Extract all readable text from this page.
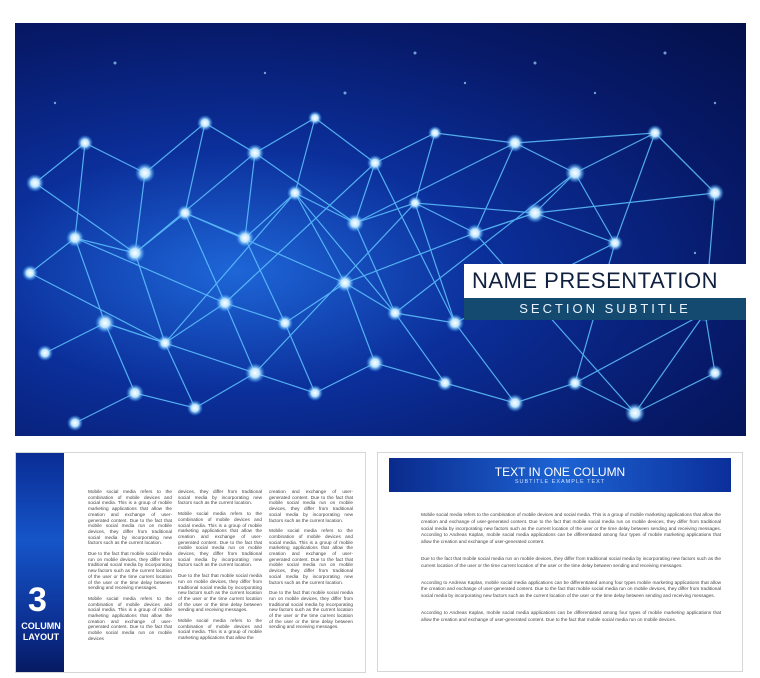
NAME PRESENTATION
SECTION SUBTITLE
3
COLUMN
LAYOUT

Mobile social media refers to the combination of mobile devices and social media. This is a group of mobile marketing applications that allow the creation and exchange of user-generated content. Due to the fact that mobile social media run on mobile devices, they differ from traditional social media by incorporating new factors such as the current location.

Due to the fact that mobile social media run on mobile devices, they differ from traditional social media by incorporating new factors such as the current location of the user or the time current location of the user or the time delay between sending and receiving messages.

Mobile social media refers to the combination of mobile devices and social media. This is a group of mobile marketing applications that allow the creation and exchange of user-generated content. Due to the fact that mobile social media run on mobile devices

devices, they differ from traditional social media by incorporating new factors such as the current location.

Mobile social media refers to the combination of mobile devices and social media. This is a group of mobile marketing applications that allow the creation and exchange of user-generated content. Due to the fact that mobile social media run on mobile devices, they differ from traditional social media by incorporating new factors such as the current location.

Due to the fact that mobile social media run on mobile devices, they differ from traditional social media by incorporating new factors such as the current location of the user or the time current location of the user or the time delay between sending and receiving messages.

Mobile social media refers to the combination of mobile devices and social media. This is a group of mobile marketing applications that allow the

creation and exchange of user-generated content. Due to the fact that mobile social media run on mobile devices, they differ from traditional social media by incorporating new factors such as the current location.

Mobile social media refers to the combination of mobile devices and social media. This is a group of mobile marketing applications that allow the creation and exchange of user-generated content. Due to the fact that mobile social media run on mobile devices, they differ from traditional social media by incorporating new factors such as the current location.

Due to the fact that mobile social media run on mobile devices, they differ from traditional social media by incorporating new factors such as the current location of the user or the time current location of the user or the time delay between sending and receiving messages.

TEXT IN ONE COLUMN
SUBTITLE EXAMPLE TEXT

Mobile social media refers to the combination of mobile devices and social media. This is a group of mobile marketing applications that allow the creation and exchange of user-generated content. Due to the fact that mobile social media run on mobile devices, they differ from traditional social media by incorporating new factors such as the current location of the user or the time delay between sending and receiving messages. According to Andreas Kaplan, mobile social media applications can be differentiated among four types of mobile marketing applications that allow the creation and exchange of user-generated content.

Due to the fact that mobile social media run on mobile devices, they differ from traditional social media by incorporating new factors such as the current location of the user or the time current location of the user or the time delay between sending and receiving messages.

According to Andreas Kaplan, mobile social media applications can be differentiated among four types mobile marketing applications that allow the creation and exchange of user-generated content. Due to the fact that mobile social media run on mobile devices, they differ from traditional social media by incorporating new factors such as the current location of the user or the time delay between sending and receiving messages.

According to Andreas Kaplan, mobile social media applications can be differentiated among four types of mobile marketing applications that allow the creation and exchange of user-generated content. Due to the fact that mobile social media run on mobile devices.
